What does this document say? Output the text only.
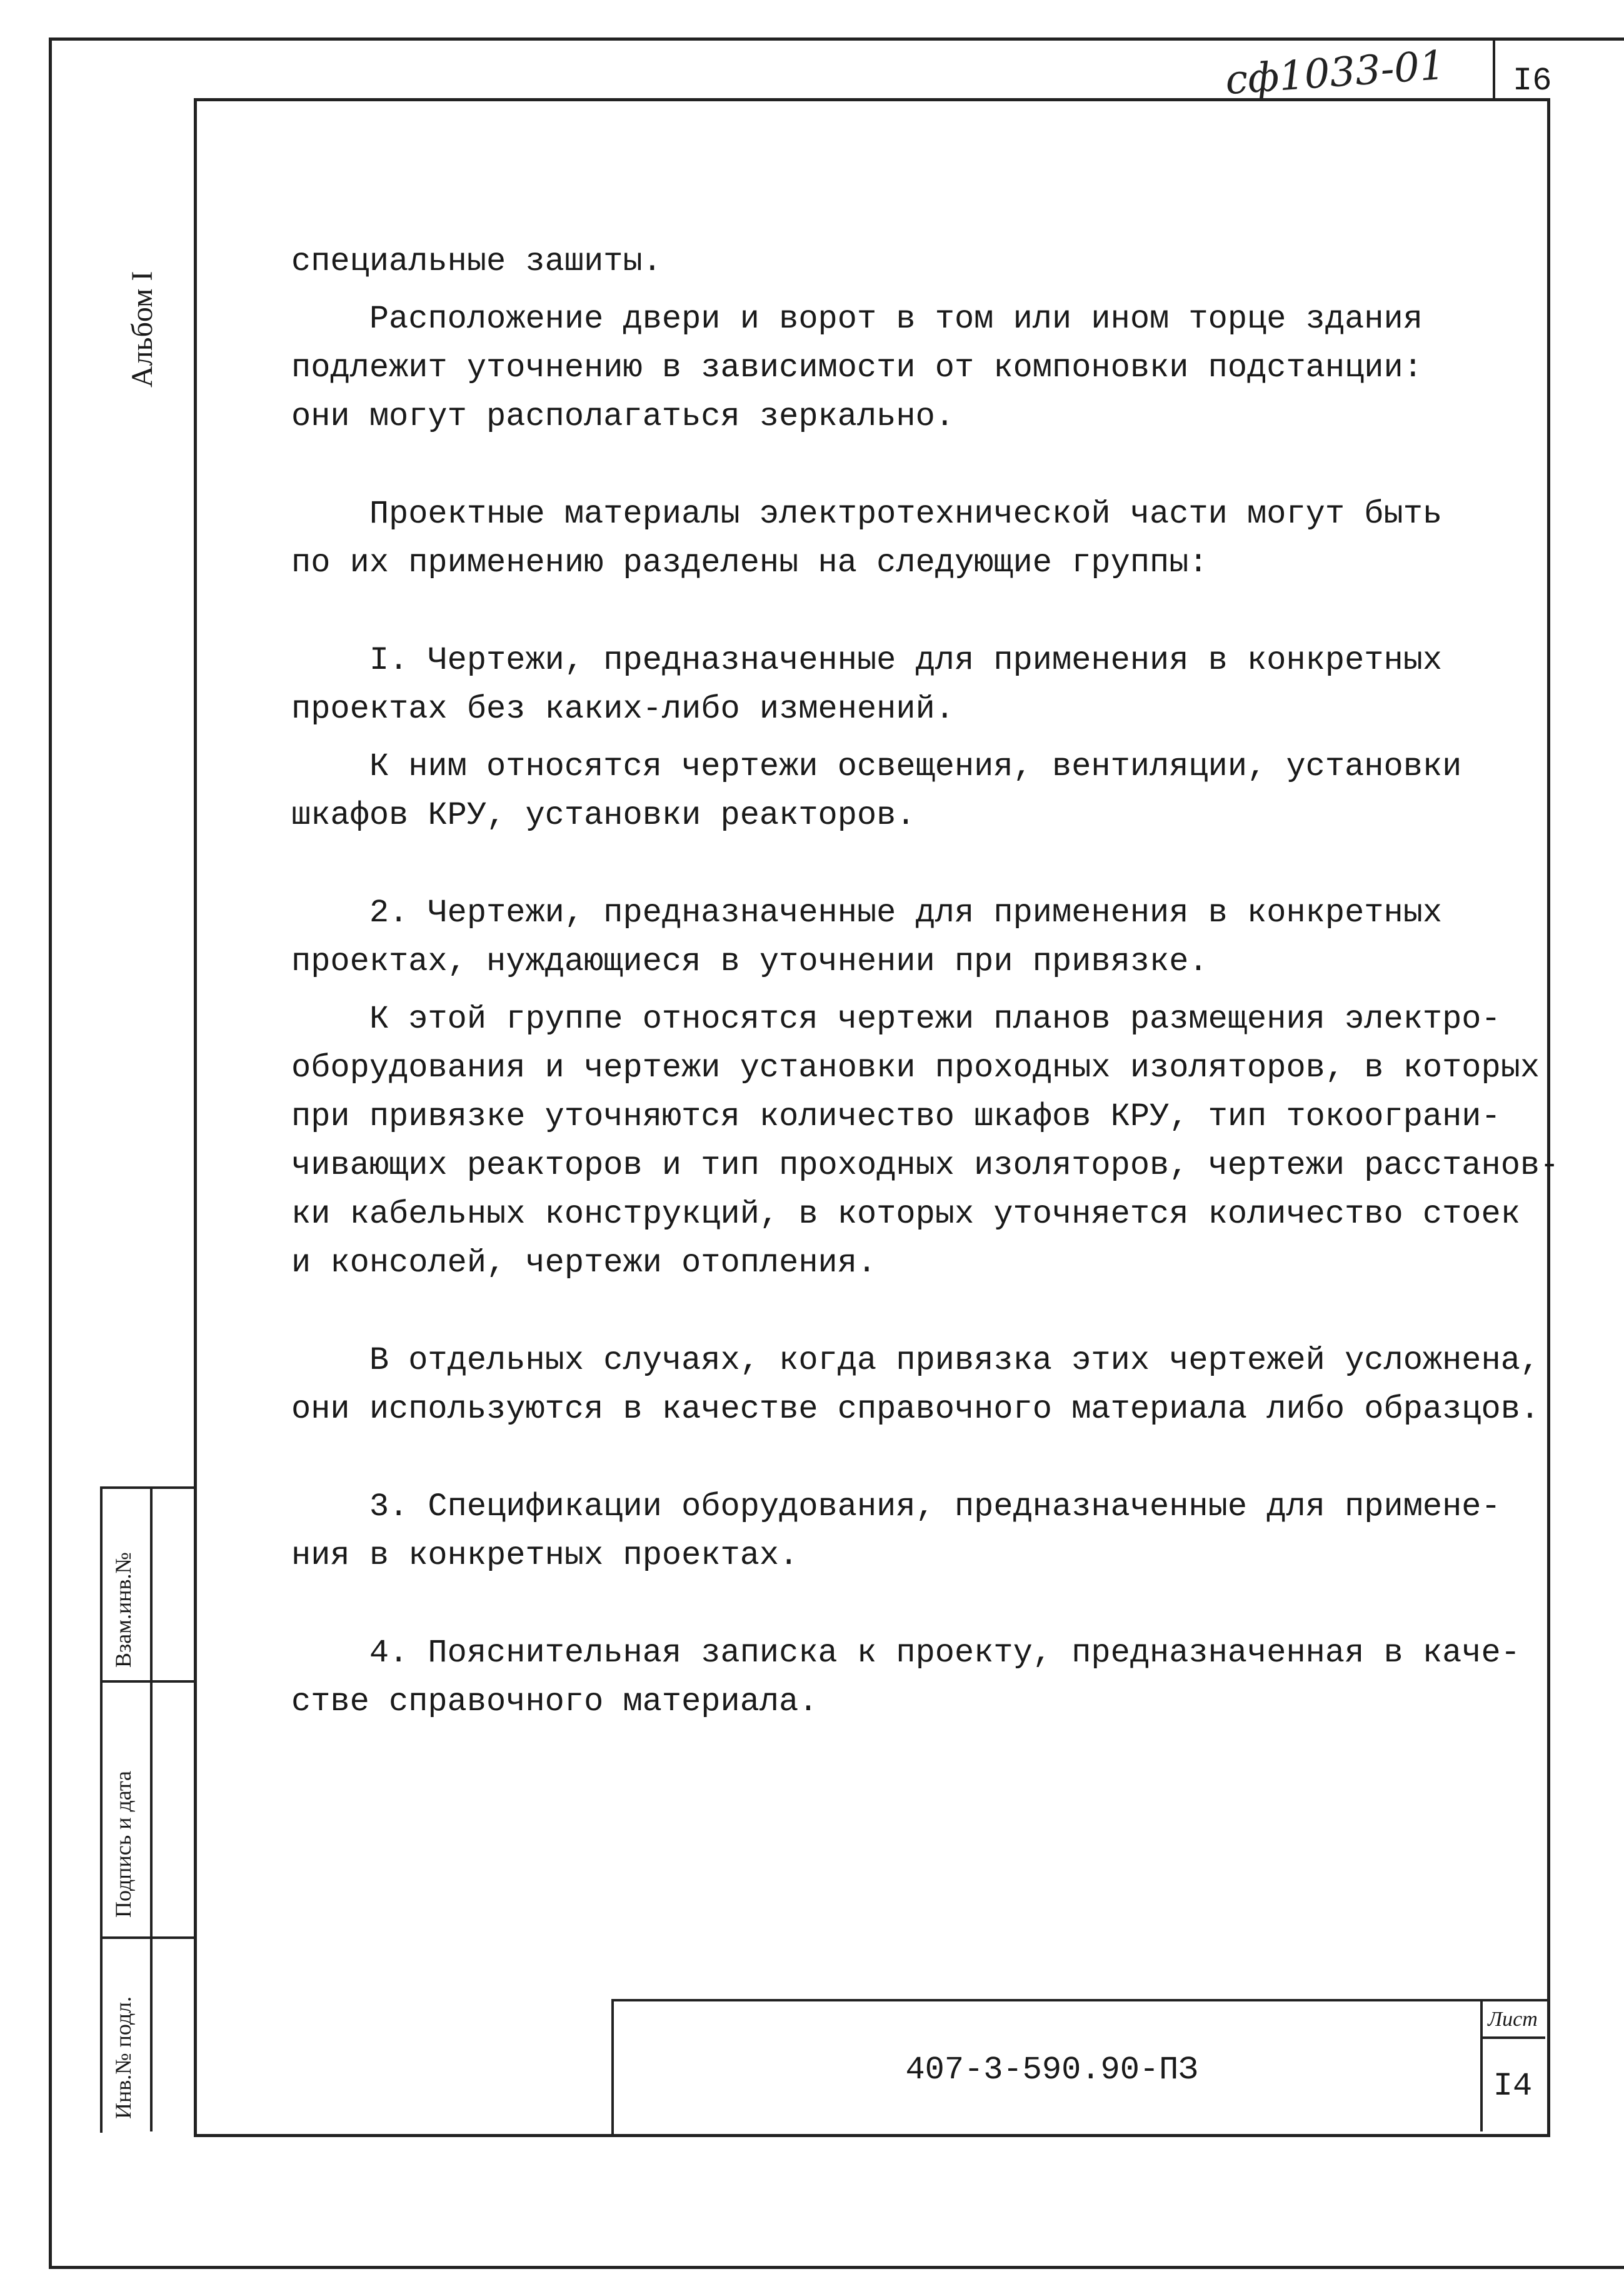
сф1033-01 I6
Альбом I

специальные зашиты.

Расположение двери и ворот в том или ином торце здания

подлежит уточнению в зависимости от компоновки подстанции:

они могут располагаться зеркально.

Проектные материалы электротехнической части могут быть

по их применению разделены на следующие группы:

I. Чертежи, предназначенные для применения в конкретных

проектах без каких-либо изменений.

К ним относятся чертежи освещения, вентиляции, установки

шкафов КРУ, установки реакторов.

2. Чертежи, предназначенные для применения в конкретных

проектах, нуждающиеся в уточнении при привязке.

К этой группе относятся чертежи планов размещения электро-

оборудования и чертежи установки проходных изоляторов, в которых

при привязке уточняются количество шкафов КРУ, тип токоограни-

чивающих реакторов и тип проходных изоляторов, чертежи расстанов-

ки кабельных конструкций, в которых уточняется количество стоек

и консолей, чертежи отопления.

В отдельных случаях, когда привязка этих чертежей усложнена,

они используются в качестве справочного материала либо образцов.

3. Спецификации оборудования, предназначенные для примене-

ния в конкретных проектах.

4. Пояснительная записка к проекту, предназначенная в каче-

стве справочного материала.

Взам.инв.№
Подпись и дата
Инв.№ подл.	407-3-590.90-ПЗ
Лист
I4
